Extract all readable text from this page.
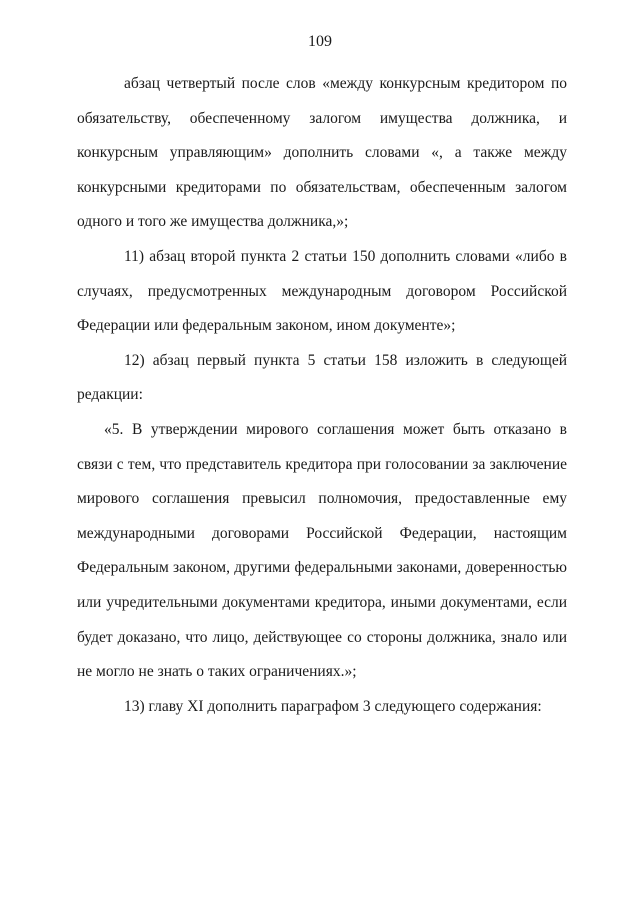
109

абзац четвертый после слов «между конкурсным кредитором по обязательству, обеспеченному залогом имущества должника, и конкурсным управляющим» дополнить словами «, а также между конкурсными кредиторами по обязательствам, обеспеченным залогом одного и того же имущества должника,»;

11) абзац второй пункта 2 статьи 150 дополнить словами «либо в случаях, предусмотренных международным договором Российской Федерации или федеральным законом, ином документе»;

12) абзац первый пункта 5 статьи 158 изложить в следующей редакции:

«5. В утверждении мирового соглашения может быть отказано в связи с тем, что представитель кредитора при голосовании за заключение мирового соглашения превысил полномочия, предоставленные ему международными договорами Российской Федерации, настоящим Федеральным законом, другими федеральными законами, доверенностью или учредительными документами кредитора, иными документами, если будет доказано, что лицо, действующее со стороны должника, знало или не могло не знать о таких ограничениях.»;

13) главу XI дополнить параграфом 3 следующего содержания:
